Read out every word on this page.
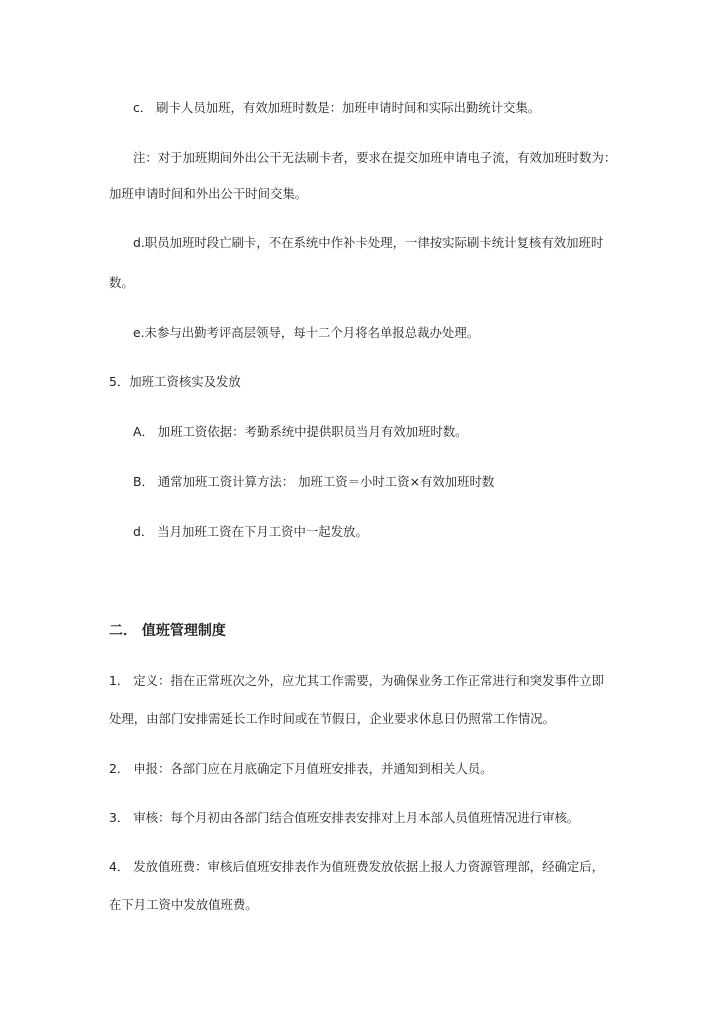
c． 刷卡人员加班，有效加班时数是：加班申请时间和实际出勤统计交集。
注：对于加班期间外出公干无法刷卡者，要求在提交加班申请电子流，有效加班时数为：
加班申请时间和外出公干时间交集。
d.职员加班时段亡刷卡，不在系统中作补卡处理，一律按实际刷卡统计复核有效加班时
数。
e.未参与出勤考评高层领导，每十二个月将名单报总裁办处理。
5．加班工资核实及发放
A． 加班工资依据：考勤系统中提供职员当月有效加班时数。
B． 通常加班工资计算方法： 加班工资＝小时工资×有效加班时数
d． 当月加班工资在下月工资中一起发放。
二． 值班管理制度
1． 定义：指在正常班次之外，应尤其工作需要，为确保业务工作正常进行和突发事件立即
处理，由部门安排需延长工作时间或在节假日，企业要求休息日仍照常工作情况。
2． 申报：各部门应在月底确定下月值班安排表，并通知到相关人员。
3． 审核：每个月初由各部门结合值班安排表安排对上月本部人员值班情况进行审核。
4． 发放值班费：审核后值班安排表作为值班费发放依据上报人力资源管理部，经确定后，
在下月工资中发放值班费。
